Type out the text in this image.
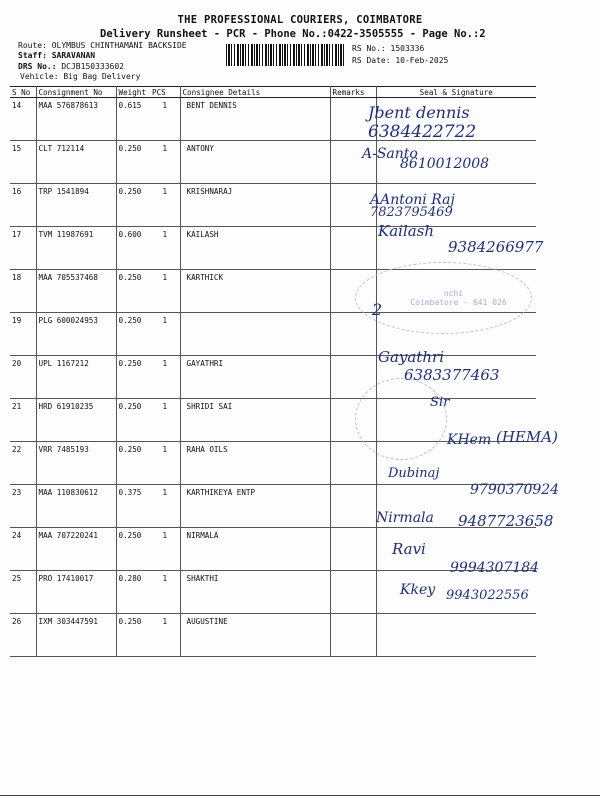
THE PROFESSIONAL COURIERS, COIMBATORE
Delivery Runsheet - PCR - Phone No.:0422-3505555 - Page No.:2
Route: OLYMBUS CHINTHAMANI BACKSIDE
Staff: SARAVANAN
DRS No.: DCJB150333602
Vehicle: Big Bag Delivery
RS No.: 1503336
RS Date: 10-Feb-2025
S No	Consignment No	Weight	PCS	Consignee Details	Remarks	Seal & Signature
14	MAA 576878613	0.615	1	BENT DENNIS		
15	CLT 712114	0.250	1	ANTONY		
16	TRP 1541894	0.250	1	KRISHNARAJ		
17	TVM 11987691	0.600	1	KAILASH		
18	MAA 705537468	0.250	1	KARTHICK		
19	PLG 600024953	0.250	1			
20	UPL 1167212	0.250	1	GAYATHRI		
21	HRD 61910235	0.250	1	SHRIDI SAI		
22	VRR 7485193	0.250	1	RAHA OILS		
23	MAA 110830612	0.375	1	KARTHIKEYA ENTP		
24	MAA 707220241	0.250	1	NIRMALA		
25	PRO 17410017	0.280	1	SHAKTHI		
26	IXM 303447591	0.250	1	AUGUSTINE		
nchi
Coimbatore - 641 026
Jbent dennis
6384422722
A-Santo
8610012008
AAntoni Raj
7823795469
Kailash
9384266977
2
Gayathri
6383377463
Sir
KHem (HEMA)
Dubinaj
9790370924
Nirmala 9487723658
Ravi
9994307184
Kkey 9943022556
